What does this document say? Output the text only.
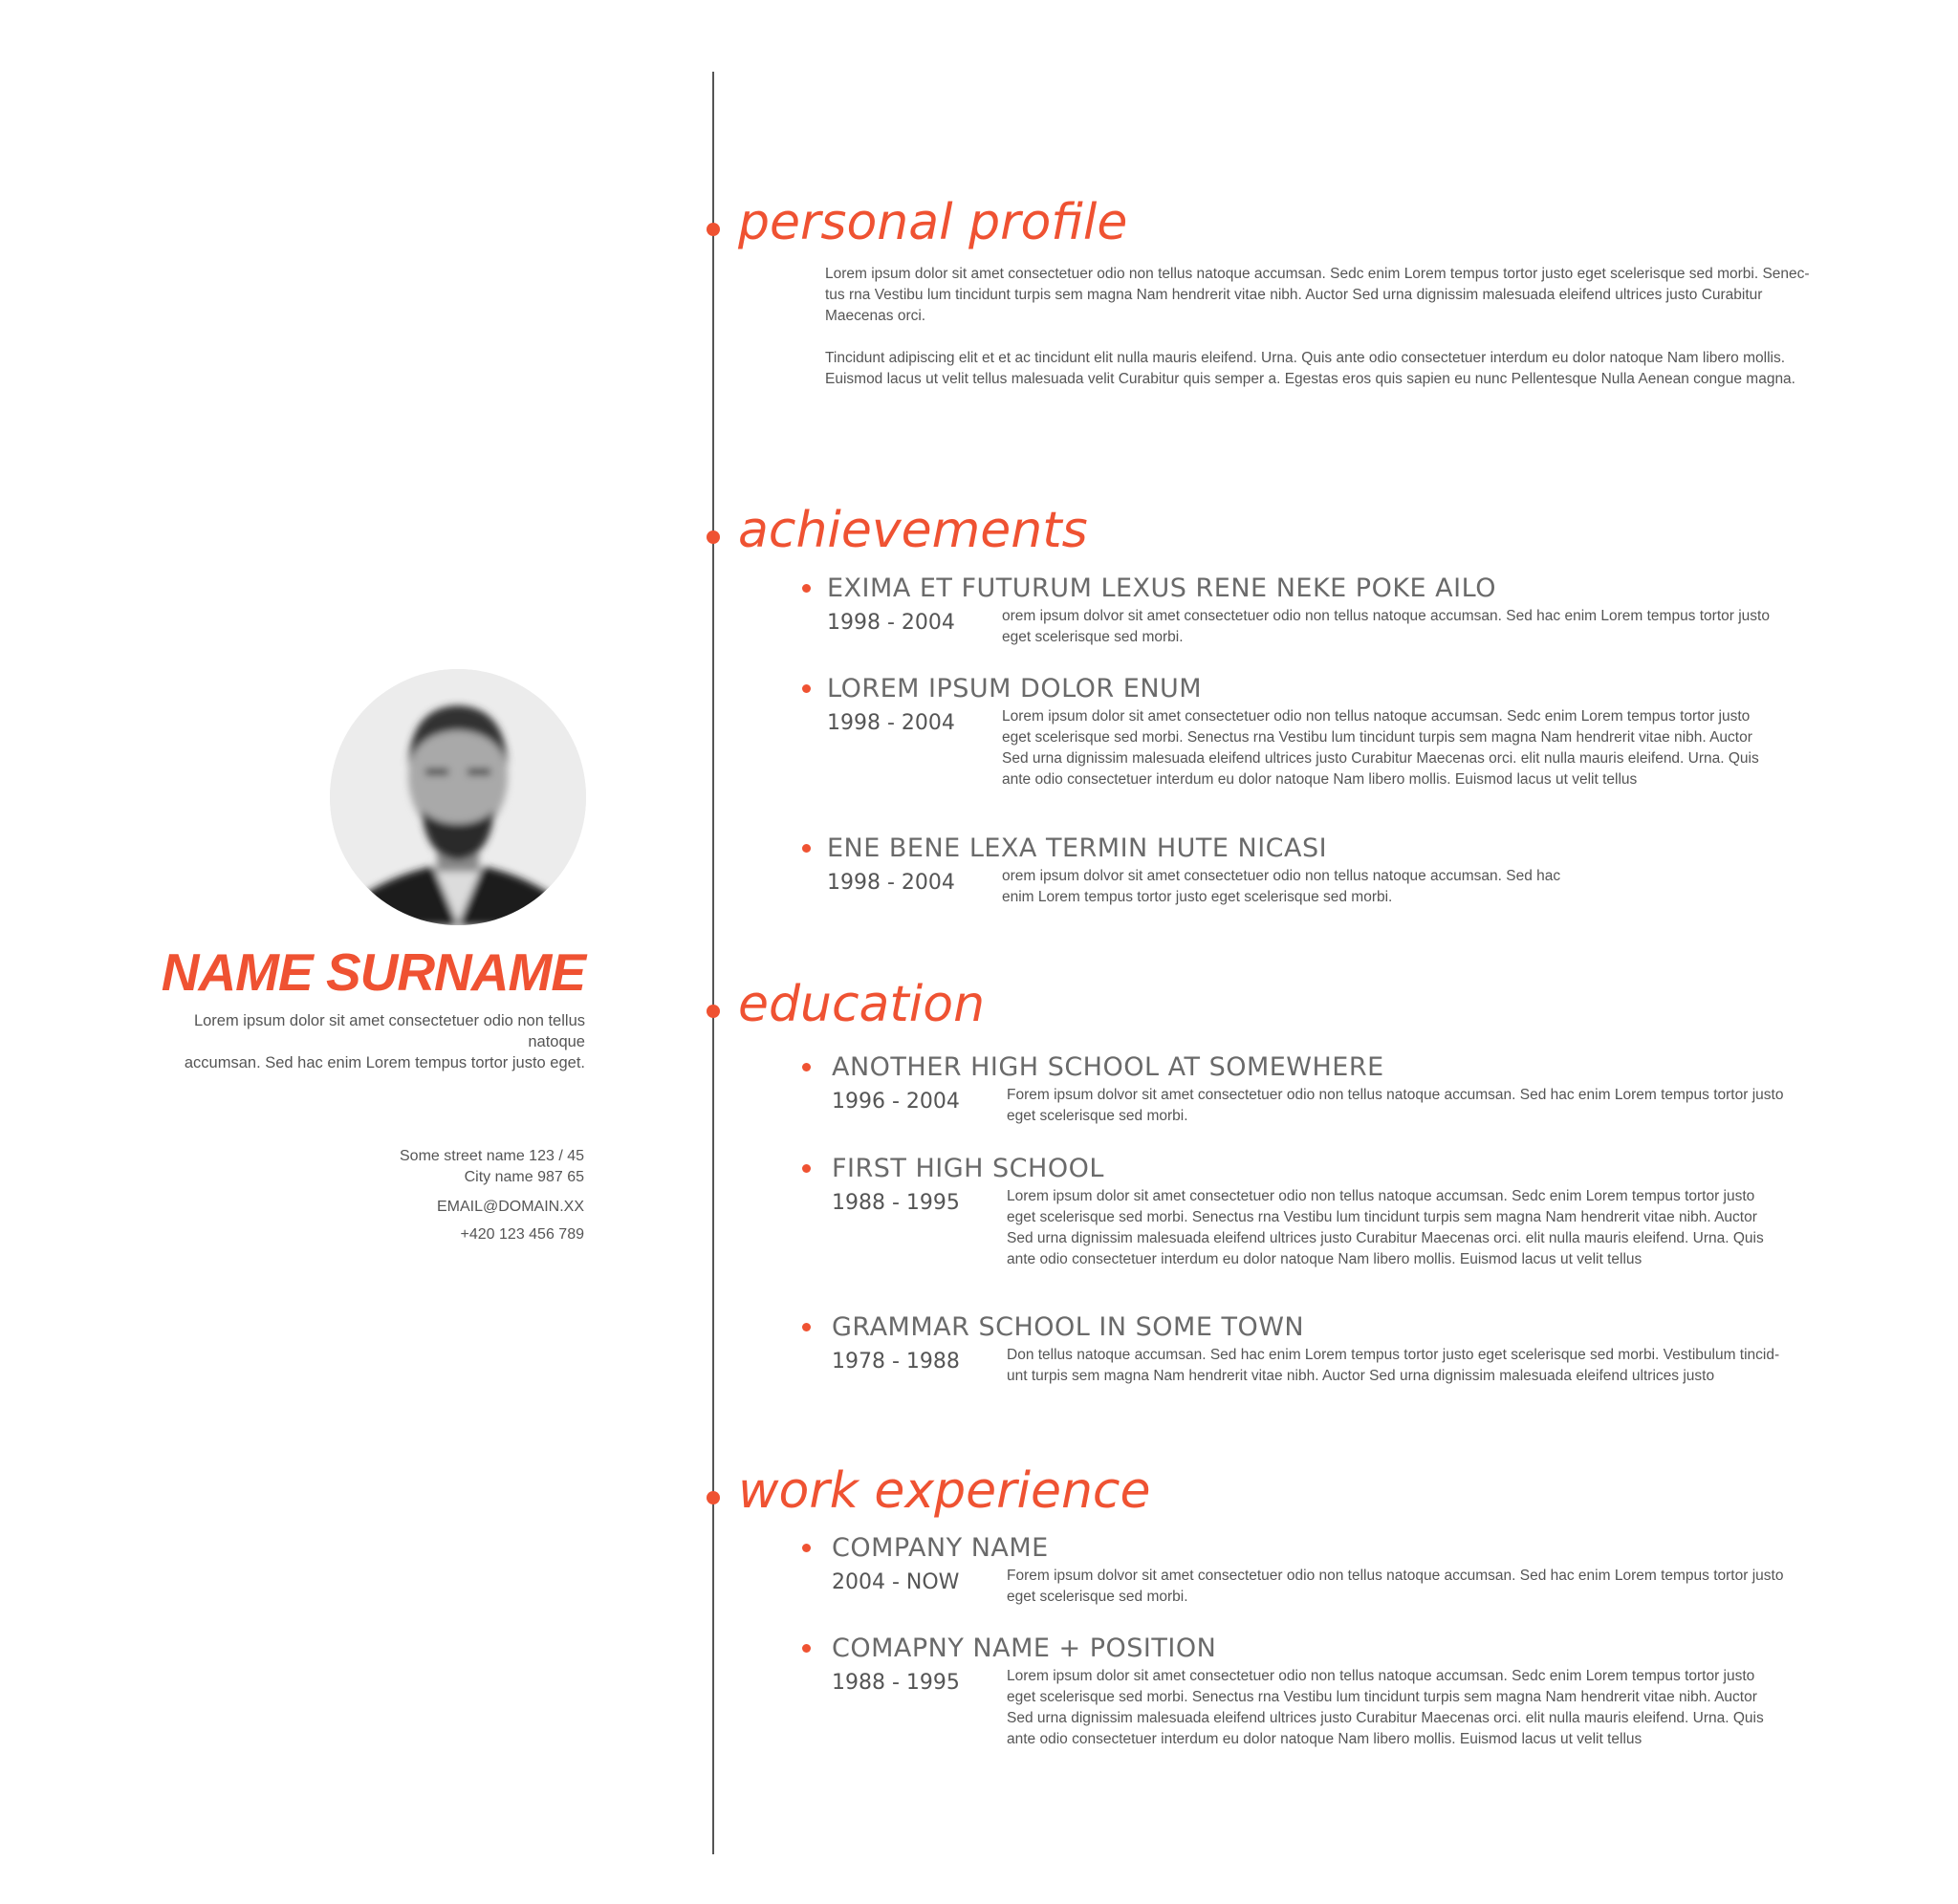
NAME SURNAME
Lorem ipsum dolor sit amet consectetuer odio non tellus natoque
accumsan. Sed hac enim Lorem tempus tortor justo eget.
Some street name 123 / 45
City name 987 65
EMAIL@DOMAIN.XX
+420 123 456 789
personal profile
Lorem ipsum dolor sit amet consectetuer odio non tellus natoque accumsan. Sedc enim Lorem tempus tortor justo eget scelerisque sed morbi. Senec-
tus rna Vestibu lum tincidunt turpis sem magna Nam hendrerit vitae nibh. Auctor Sed urna dignissim malesuada eleifend ultrices justo Curabitur
Maecenas orci.
Tincidunt adipiscing elit et et ac tincidunt elit nulla mauris eleifend. Urna. Quis ante odio consectetuer interdum eu dolor natoque Nam libero mollis.
Euismod lacus ut velit tellus malesuada velit Curabitur quis semper a. Egestas eros quis sapien eu nunc Pellentesque Nulla Aenean congue magna.
achievements
EXIMA ET FUTURUM LEXUS RENE NEKE POKE AILO
1998 - 2004	orem ipsum dolvor sit amet consectetuer odio non tellus natoque accumsan. Sed hac enim Lorem tempus tortor justo
eget scelerisque sed morbi.
LOREM IPSUM DOLOR ENUM
1998 - 2004	Lorem ipsum dolor sit amet consectetuer odio non tellus natoque accumsan. Sedc enim Lorem tempus tortor justo
eget scelerisque sed morbi. Senectus rna Vestibu lum tincidunt turpis sem magna Nam hendrerit vitae nibh. Auctor
Sed urna dignissim malesuada eleifend ultrices justo Curabitur Maecenas orci. elit nulla mauris eleifend. Urna. Quis
ante odio consectetuer interdum eu dolor natoque Nam libero mollis. Euismod lacus ut velit tellus
ENE BENE LEXA TERMIN HUTE NICASI
1998 - 2004	orem ipsum dolvor sit amet consectetuer odio non tellus natoque accumsan. Sed hac
enim Lorem tempus tortor justo eget scelerisque sed morbi.
education
ANOTHER HIGH SCHOOL AT SOMEWHERE
1996 - 2004	Forem ipsum dolvor sit amet consectetuer odio non tellus natoque accumsan. Sed hac enim Lorem tempus tortor justo
eget scelerisque sed morbi.
FIRST HIGH SCHOOL
1988 - 1995	Lorem ipsum dolor sit amet consectetuer odio non tellus natoque accumsan. Sedc enim Lorem tempus tortor justo
eget scelerisque sed morbi. Senectus rna Vestibu lum tincidunt turpis sem magna Nam hendrerit vitae nibh. Auctor
Sed urna dignissim malesuada eleifend ultrices justo Curabitur Maecenas orci. elit nulla mauris eleifend. Urna. Quis
ante odio consectetuer interdum eu dolor natoque Nam libero mollis. Euismod lacus ut velit tellus
GRAMMAR SCHOOL IN SOME TOWN
1978 - 1988	Don tellus natoque accumsan. Sed hac enim Lorem tempus tortor justo eget scelerisque sed morbi. Vestibulum tincid-
unt turpis sem magna Nam hendrerit vitae nibh. Auctor Sed urna dignissim malesuada eleifend ultrices justo
work experience
COMPANY NAME
2004 - NOW	Forem ipsum dolvor sit amet consectetuer odio non tellus natoque accumsan. Sed hac enim Lorem tempus tortor justo
eget scelerisque sed morbi.
COMAPNY NAME + POSITION
1988 - 1995	Lorem ipsum dolor sit amet consectetuer odio non tellus natoque accumsan. Sedc enim Lorem tempus tortor justo
eget scelerisque sed morbi. Senectus rna Vestibu lum tincidunt turpis sem magna Nam hendrerit vitae nibh. Auctor
Sed urna dignissim malesuada eleifend ultrices justo Curabitur Maecenas orci. elit nulla mauris eleifend. Urna. Quis
ante odio consectetuer interdum eu dolor natoque Nam libero mollis. Euismod lacus ut velit tellus
